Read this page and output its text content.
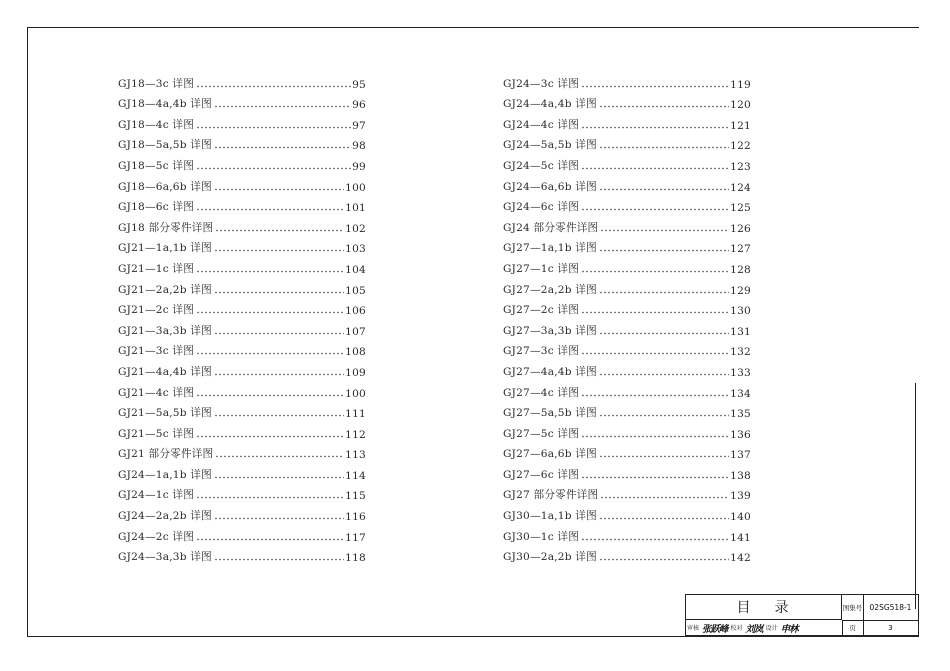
GJ18—3c 详图	95
GJ18—4a,4b 详图	96
GJ18—4c 详图	97
GJ18—5a,5b 详图	98
GJ18—5c 详图	99
GJ18—6a,6b 详图	100
GJ18—6c 详图	101
GJ18 部分零件详图	102
GJ21—1a,1b 详图	103
GJ21—1c 详图	104
GJ21—2a,2b 详图	105
GJ21—2c 详图	106
GJ21—3a,3b 详图	107
GJ21—3c 详图	108
GJ21—4a,4b 详图	109
GJ21—4c 详图	100
GJ21—5a,5b 详图	111
GJ21—5c 详图	112
GJ21 部分零件详图	113
GJ24—1a,1b 详图	114
GJ24—1c 详图	115
GJ24—2a,2b 详图	116
GJ24—2c 详图	117
GJ24—3a,3b 详图	118
GJ24—3c 详图	119
GJ24—4a,4b 详图	120
GJ24—4c 详图	121
GJ24—5a,5b 详图	122
GJ24—5c 详图	123
GJ24—6a,6b 详图	124
GJ24—6c 详图	125
GJ24 部分零件详图	126
GJ27—1a,1b 详图	127
GJ27—1c 详图	128
GJ27—2a,2b 详图	129
GJ27—2c 详图	130
GJ27—3a,3b 详图	131
GJ27—3c 详图	132
GJ27—4a,4b 详图	133
GJ27—4c 详图	134
GJ27—5a,5b 详图	135
GJ27—5c 详图	136
GJ27—6a,6b 详图	137
GJ27—6c 详图	138
GJ27 部分零件详图	139
GJ30—1a,1b 详图	140
GJ30—1c 详图	141
GJ30—2a,2b 详图	142
目录	图集号 02SG518-1
审核 张跃峰 校对 刘岚 设计 申林	页	3
